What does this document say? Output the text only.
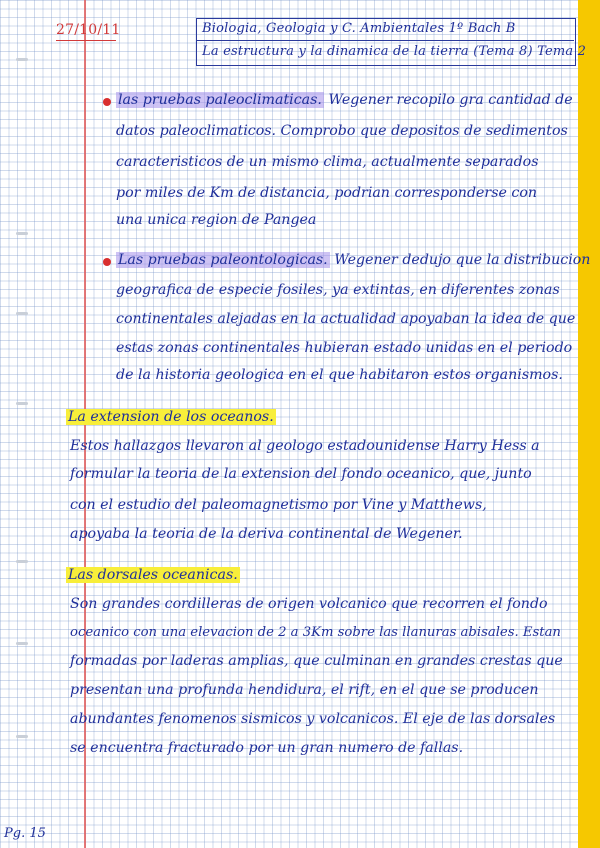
27/10/11	Biologia, Geologia y C. Ambientales 1º Bach B
La estructura y la dinamica de la tierra (Tema 8) Tema 2
las pruebas paleoclimaticas. Wegener recopilo gra cantidad de
datos paleoclimaticos. Comprobo que depositos de sedimentos
caracteristicos de un mismo clima, actualmente separados
por miles de Km de distancia, podrian corresponderse con
una unica region de Pangea
Las pruebas paleontologicas. Wegener dedujo que la distribucion
geografica de especie fosiles, ya extintas, en diferentes zonas
continentales alejadas en la actualidad apoyaban la idea de que
estas zonas continentales hubieran estado unidas en el periodo
de la historia geologica en el que habitaron estos organismos.
La extension de los oceanos.
Estos hallazgos llevaron al geologo estadounidense Harry Hess a
formular la teoria de la extension del fondo oceanico, que, junto
con el estudio del paleomagnetismo por Vine y Matthews,
apoyaba la teoria de la deriva continental de Wegener.
Las dorsales oceanicas.
Son grandes cordilleras de origen volcanico que recorren el fondo
oceanico con una elevacion de 2 a 3Km sobre las llanuras abisales. Estan
formadas por laderas amplias, que culminan en grandes crestas que
presentan una profunda hendidura, el rift, en el que se producen
abundantes fenomenos sismicos y volcanicos. El eje de las dorsales
se encuentra fracturado por un gran numero de fallas.
Pg. 15
